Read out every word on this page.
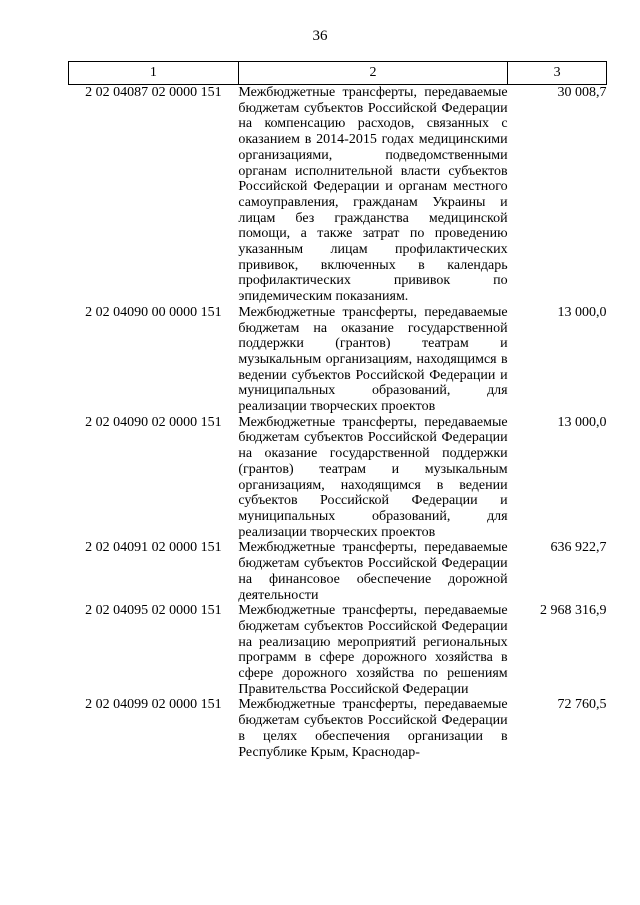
36
1	2	3
2 02 04087 02 0000 151	Межбюджетные трансферты, передаваемые бюджетам субъектов Российской Федерации на компенсацию расходов, связанных с оказанием в 2014-2015 годах медицинскими организациями, подведомственными органам исполнительной власти субъектов Российской Федерации и органам местного самоуправления, гражданам Украины и лицам без гражданства медицинской помощи, а также затрат по проведению указанным лицам профилактических прививок, включенных в календарь профилактических прививок по эпидемическим показаниям.	30 008,7
2 02 04090 00 0000 151	Межбюджетные трансферты, передаваемые бюджетам на оказание государственной поддержки (грантов) театрам и музыкальным организациям, находящимся в ведении субъектов Российской Федерации и муниципальных образований, для реализации творческих проектов	13 000,0
2 02 04090 02 0000 151	Межбюджетные трансферты, передаваемые бюджетам субъектов Российской Федерации на оказание государственной поддержки (грантов) театрам и музыкальным организациям, находящимся в ведении субъектов Российской Федерации и муниципальных образований, для реализации творческих проектов	13 000,0
2 02 04091 02 0000 151	Межбюджетные трансферты, передаваемые бюджетам субъектов Российской Федерации на финансовое обеспечение дорожной деятельности	636 922,7
2 02 04095 02 0000 151	Межбюджетные трансферты, передаваемые бюджетам субъектов Российской Федерации на реализацию мероприятий региональных программ в сфере дорожного хозяйства в сфере дорожного хозяйства по решениям Правительства Российской Федерации	2 968 316,9
2 02 04099 02 0000 151	Межбюджетные трансферты, передаваемые бюджетам субъектов Российской Федерации в целях обеспечения организации в Республике Крым, Краснодар-	72 760,5
